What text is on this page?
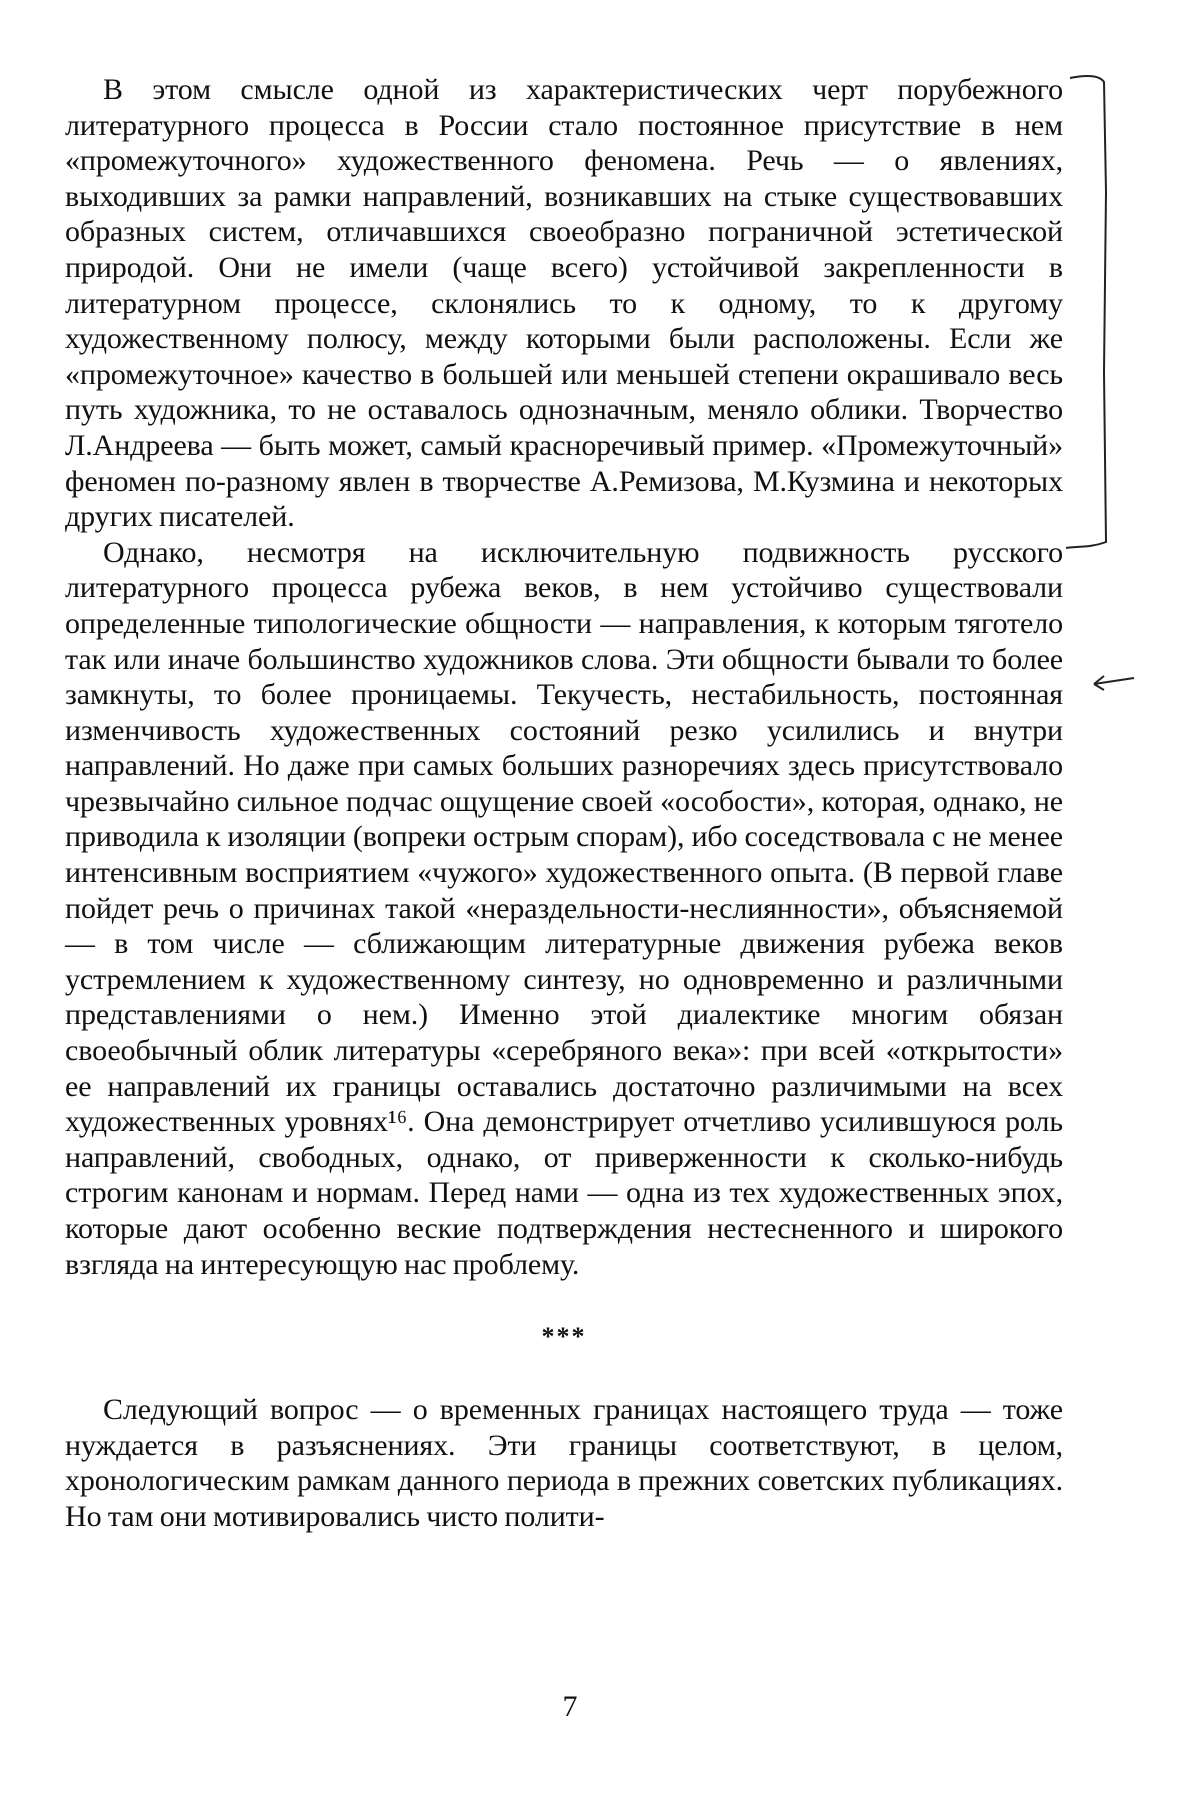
В этом смысле одной из характеристических черт порубежного литературного процесса в России стало постоянное присутствие в нем «промежуточного» художественного феномена. Речь — о явлениях, выходивших за рамки направлений, возникавших на стыке существовавших образных систем, отличавшихся своеобразно пограничной эстетической природой. Они не имели (чаще всего) устойчивой закрепленности в литературном процессе, склонялись то к одному, то к другому художественному полюсу, между которыми были расположены. Если же «промежуточное» качество в большей или меньшей степени окрашивало весь путь художника, то не оставалось однозначным, меняло облики. Творчество Л.Андреева — быть может, самый красноречивый пример. «Промежуточный» феномен по-разному явлен в творчестве А.Ремизова, М.Кузмина и некоторых других писателей.

Однако, несмотря на исключительную подвижность русского литературного процесса рубежа веков, в нем устойчиво существовали определенные типологические общности — направления, к которым тяготело так или иначе большинство художников слова. Эти общности бывали то более замкнуты, то более проницаемы. Текучесть, нестабильность, постоянная изменчивость художественных состояний резко усилились и внутри направлений. Но даже при самых больших разноречиях здесь присутствовало чрезвычайно сильное подчас ощущение своей «особости», которая, однако, не приводила к изоляции (вопреки острым спорам), ибо соседствовала с не менее интенсивным восприятием «чужого» художественного опыта. (В первой главе пойдет речь о причинах такой «нераздельности-неслиянности», объясняемой — в том числе — сближающим литературные движения рубежа веков устремлением к художественному синтезу, но одновременно и различными представлениями о нем.) Именно этой диалектике многим обязан своеобычный облик литературы «серебряного века»: при всей «открытости» ее направлений их границы оставались достаточно различимыми на всех художественных уровнях¹⁶. Она демонстрирует отчетливо усилившуюся роль направлений, свободных, однако, от приверженности к сколько-нибудь строгим канонам и нормам. Перед нами — одна из тех художественных эпох, которые дают особенно веские подтверждения нестесненного и широкого взгляда на интересующую нас проблему.

***

Следующий вопрос — о временных границах настоящего труда — тоже нуждается в разъяснениях. Эти границы соответствуют, в целом, хронологическим рамкам данного периода в прежних советских публикациях. Но там они мотивировались чисто полити-

7
